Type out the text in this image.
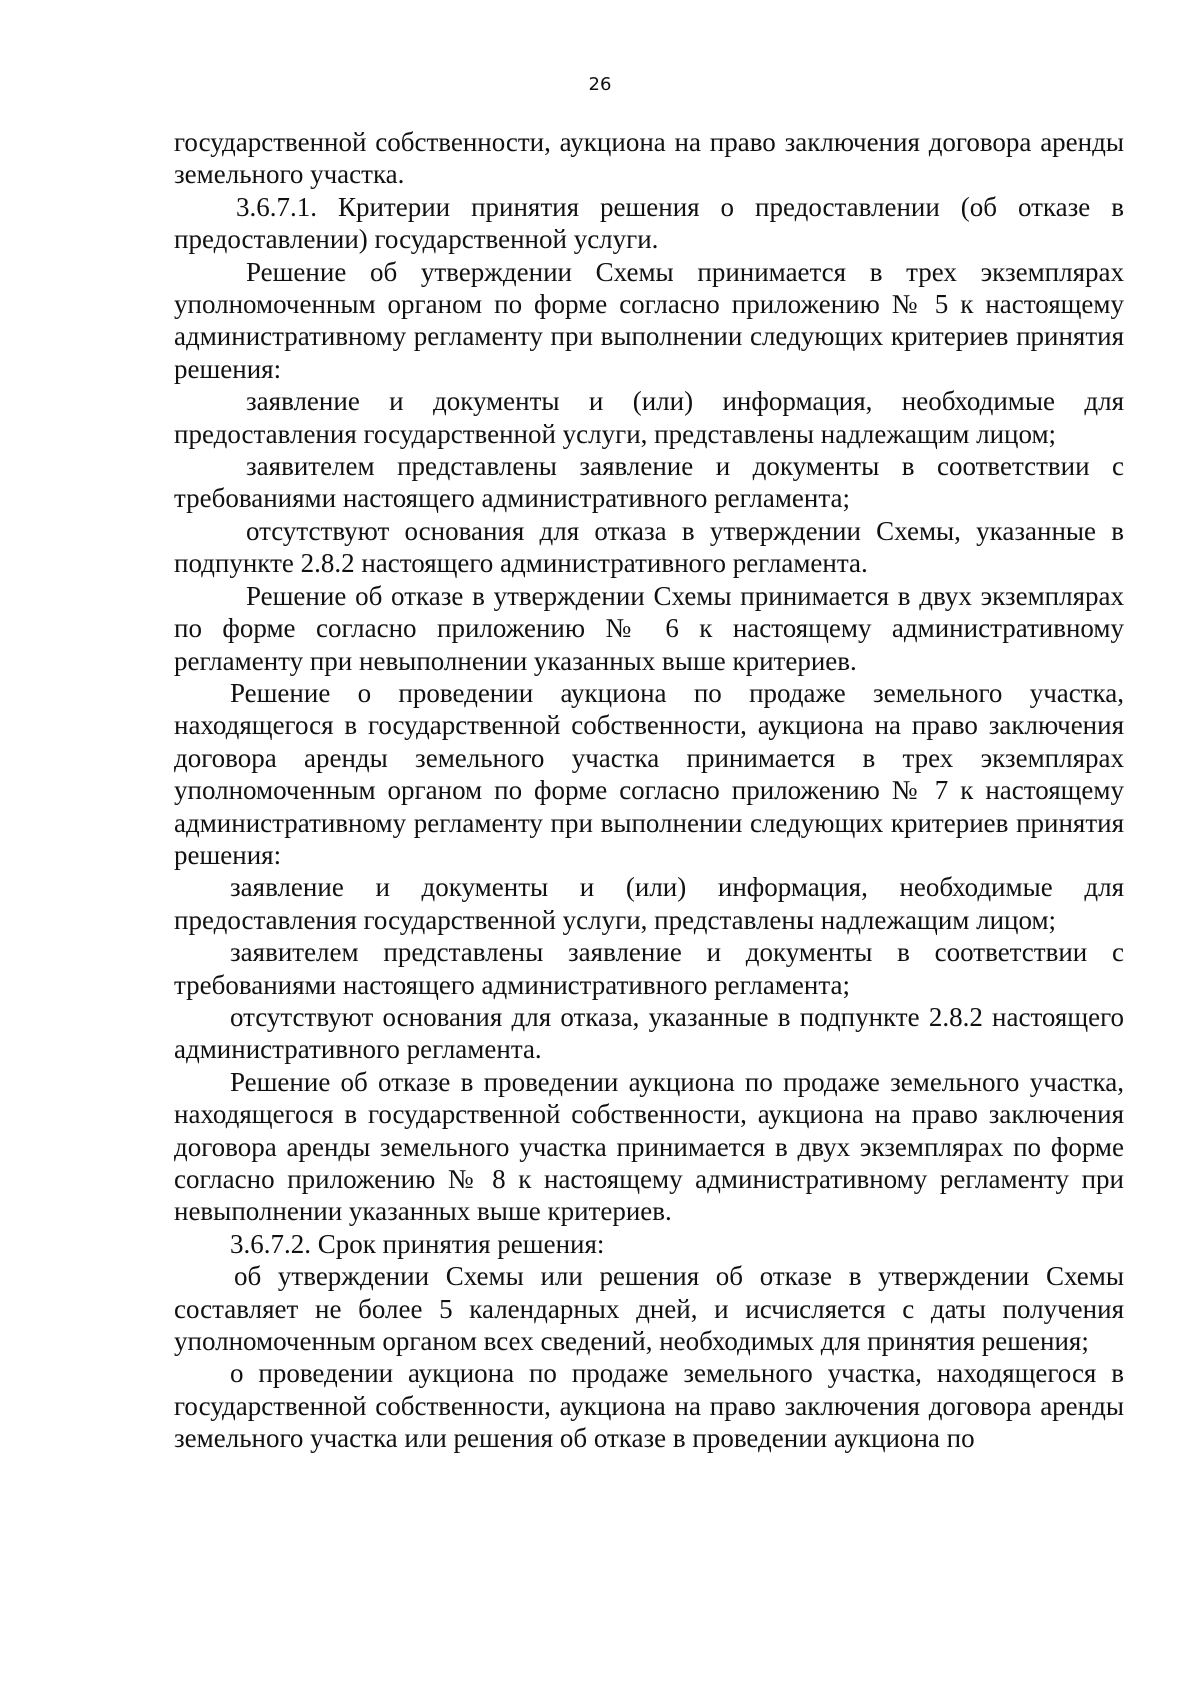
26

государственной собственности, аукциона на право заключения договора аренды земельного участка.

3.6.7.1. Критерии принятия решения о предоставлении (об отказе в предоставлении) государственной услуги.

Решение об утверждении Схемы принимается в трех экземплярах уполномоченным органом по форме согласно приложению № 5 к настоящему административному регламенту при выполнении следующих критериев принятия решения:

заявление и документы и (или) информация, необходимые для предоставления государственной услуги, представлены надлежащим лицом;

заявителем представлены заявление и документы в соответствии с требованиями настоящего административного регламента;

отсутствуют основания для отказа в утверждении Схемы, указанные в подпункте 2.8.2 настоящего административного регламента.

Решение об отказе в утверждении Схемы принимается в двух экземплярах по форме согласно приложению № 6 к настоящему административному регламенту при невыполнении указанных выше критериев.

Решение о проведении аукциона по продаже земельного участка, находящегося в государственной собственности, аукциона на право заключения договора аренды земельного участка принимается в трех экземплярах уполномоченным органом по форме согласно приложению № 7 к настоящему административному регламенту при выполнении следующих критериев принятия решения:

заявление и документы и (или) информация, необходимые для предоставления государственной услуги, представлены надлежащим лицом;

заявителем представлены заявление и документы в соответствии с требованиями настоящего административного регламента;

отсутствуют основания для отказа, указанные в подпункте 2.8.2 настоящего административного регламента.

Решение об отказе в проведении аукциона по продаже земельного участка, находящегося в государственной собственности, аукциона на право заключения договора аренды земельного участка принимается в двух экземплярах по форме согласно приложению № 8 к настоящему административному регламенту при невыполнении указанных выше критериев.

3.6.7.2. Срок принятия решения:

об утверждении Схемы или решения об отказе в утверждении Схемы составляет не более 5 календарных дней, и исчисляется с даты получения уполномоченным органом всех сведений, необходимых для принятия решения;

о проведении аукциона по продаже земельного участка, находящегося в государственной собственности, аукциона на право заключения договора аренды земельного участка или решения об отказе в проведении аукциона по
